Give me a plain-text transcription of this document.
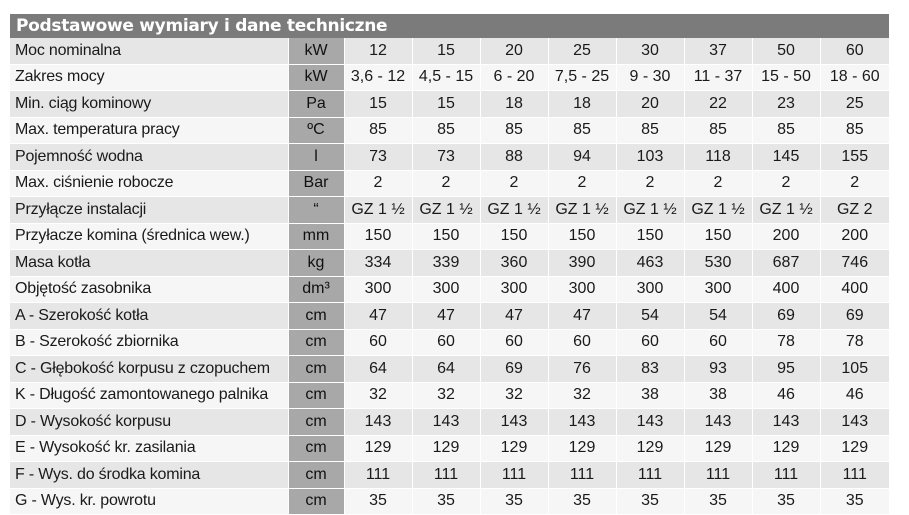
Podstawowe wymiary i dane techniczne
Moc nominalna	kW	12	15	20	25	30	37	50	60
Zakres mocy	kW	3,6 - 12	4,5 - 15	6 - 20	7,5 - 25	9 - 30	11 - 37	15 - 50	18 - 60
Min. ciąg kominowy	Pa	15	15	18	18	20	22	23	25
Max. temperatura pracy	ºC	85	85	85	85	85	85	85	85
Pojemność wodna	l	73	73	88	94	103	118	145	155
Max. ciśnienie robocze	Bar	2	2	2	2	2	2	2	2
Przyłącze instalacji	“	GZ 1 ½	GZ 1 ½	GZ 1 ½	GZ 1 ½	GZ 1 ½	GZ 1 ½	GZ 1 ½	GZ 2
Przyłacze komina (średnica wew.)	mm	150	150	150	150	150	150	200	200
Masa kotła	kg	334	339	360	390	463	530	687	746
Objętość zasobnika	dm³	300	300	300	300	300	300	400	400
A - Szerokość kotła	cm	47	47	47	47	54	54	69	69
B - Szerokość zbiornika	cm	60	60	60	60	60	60	78	78
C - Głębokość korpusu z czopuchem	cm	64	64	69	76	83	93	95	105
K - Długość zamontowanego palnika	cm	32	32	32	32	38	38	46	46
D - Wysokość korpusu	cm	143	143	143	143	143	143	143	143
E - Wysokość kr. zasilania	cm	129	129	129	129	129	129	129	129
F - Wys. do środka komina	cm	111	111	111	111	111	111	111	111
G - Wys. kr. powrotu	cm	35	35	35	35	35	35	35	35
